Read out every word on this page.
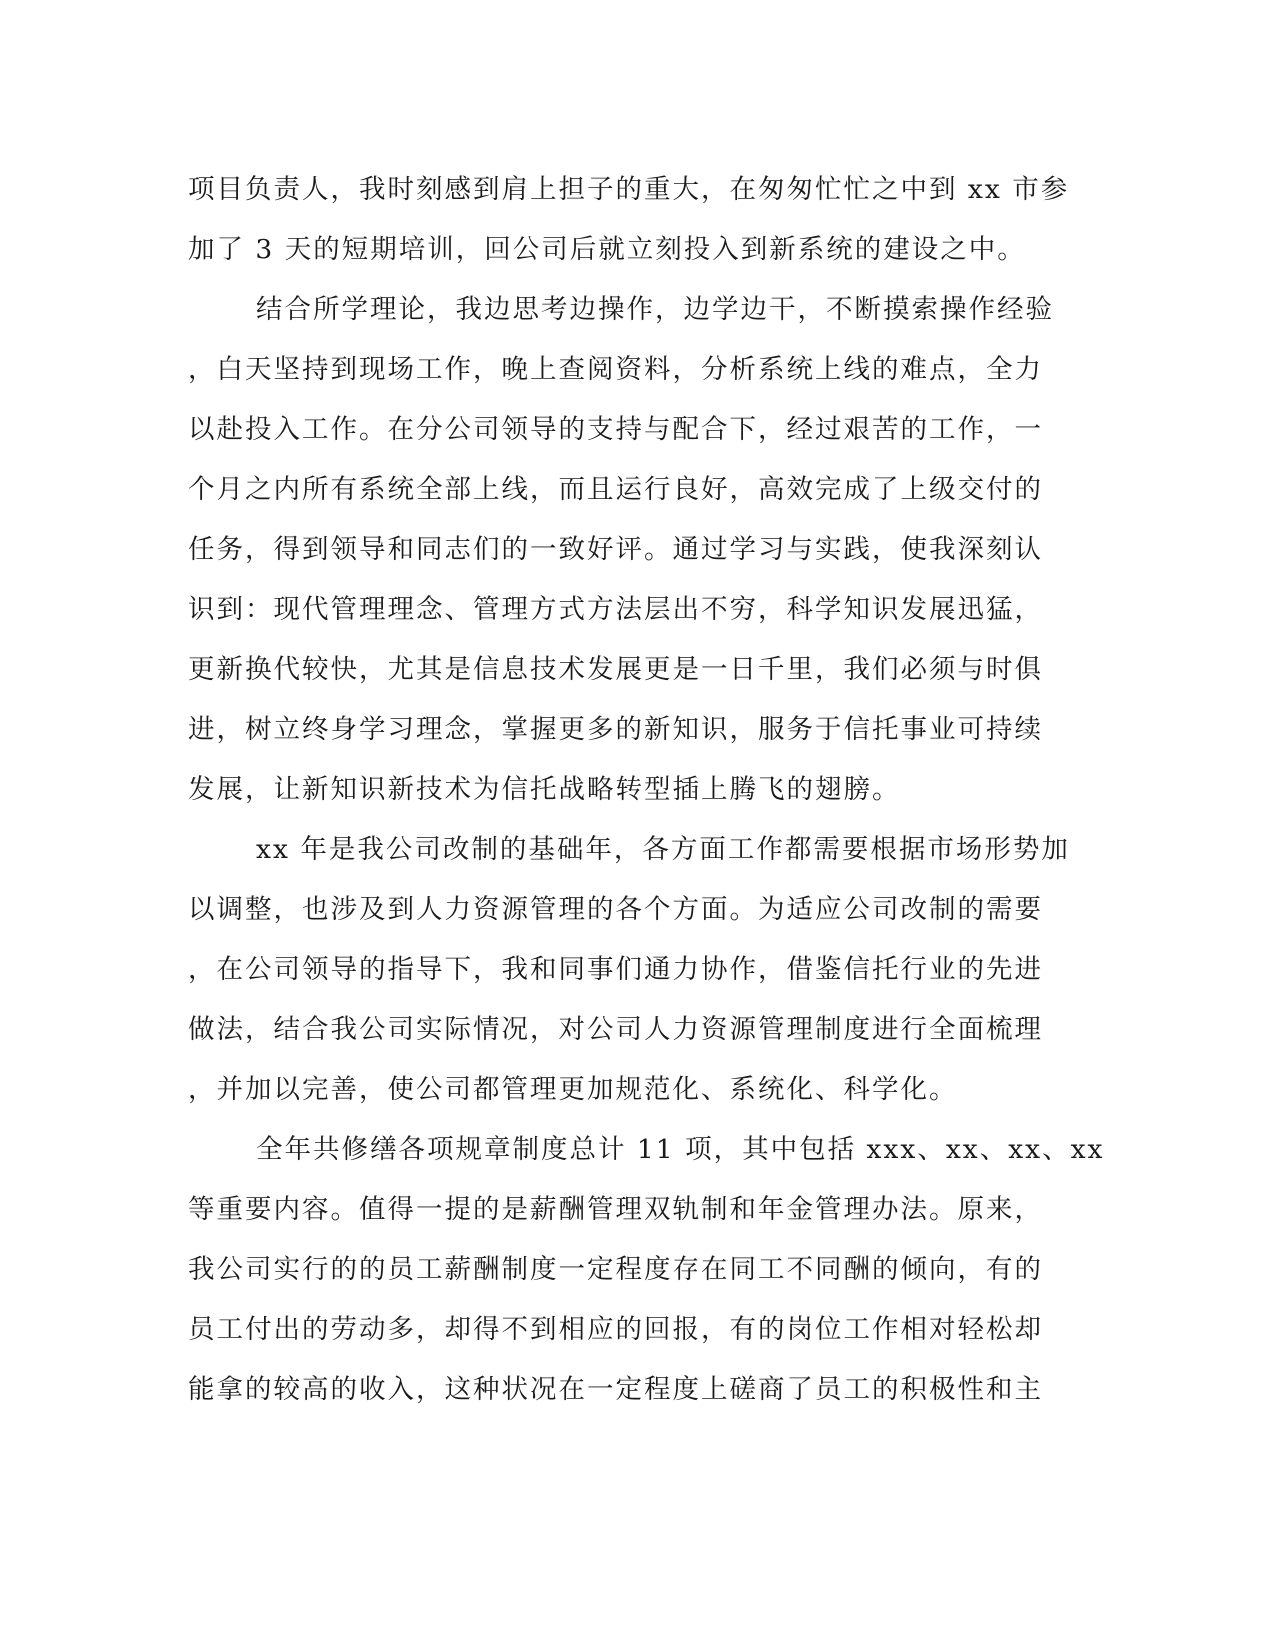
项目负责人，我时刻感到肩上担子的重大，在匆匆忙忙之中到 xx 市参
加了 3 天的短期培训，回公司后就立刻投入到新系统的建设之中。
结合所学理论，我边思考边操作，边学边干，不断摸索操作经验
，白天坚持到现场工作，晚上查阅资料，分析系统上线的难点，全力
以赴投入工作。在分公司领导的支持与配合下，经过艰苦的工作，一
个月之内所有系统全部上线，而且运行良好，高效完成了上级交付的
任务，得到领导和同志们的一致好评。通过学习与实践，使我深刻认
识到：现代管理理念、管理方式方法层出不穷，科学知识发展迅猛，
更新换代较快，尤其是信息技术发展更是一日千里，我们必须与时俱
进，树立终身学习理念，掌握更多的新知识，服务于信托事业可持续
发展，让新知识新技术为信托战略转型插上腾飞的翅膀。
xx 年是我公司改制的基础年，各方面工作都需要根据市场形势加
以调整，也涉及到人力资源管理的各个方面。为适应公司改制的需要
，在公司领导的指导下，我和同事们通力协作，借鉴信托行业的先进
做法，结合我公司实际情况，对公司人力资源管理制度进行全面梳理
，并加以完善，使公司都管理更加规范化、系统化、科学化。
全年共修缮各项规章制度总计 11 项，其中包括 xxx、xx、xx、xx
等重要内容。值得一提的是薪酬管理双轨制和年金管理办法。原来，
我公司实行的的员工薪酬制度一定程度存在同工不同酬的倾向，有的
员工付出的劳动多，却得不到相应的回报，有的岗位工作相对轻松却
能拿的较高的收入，这种状况在一定程度上磋商了员工的积极性和主
